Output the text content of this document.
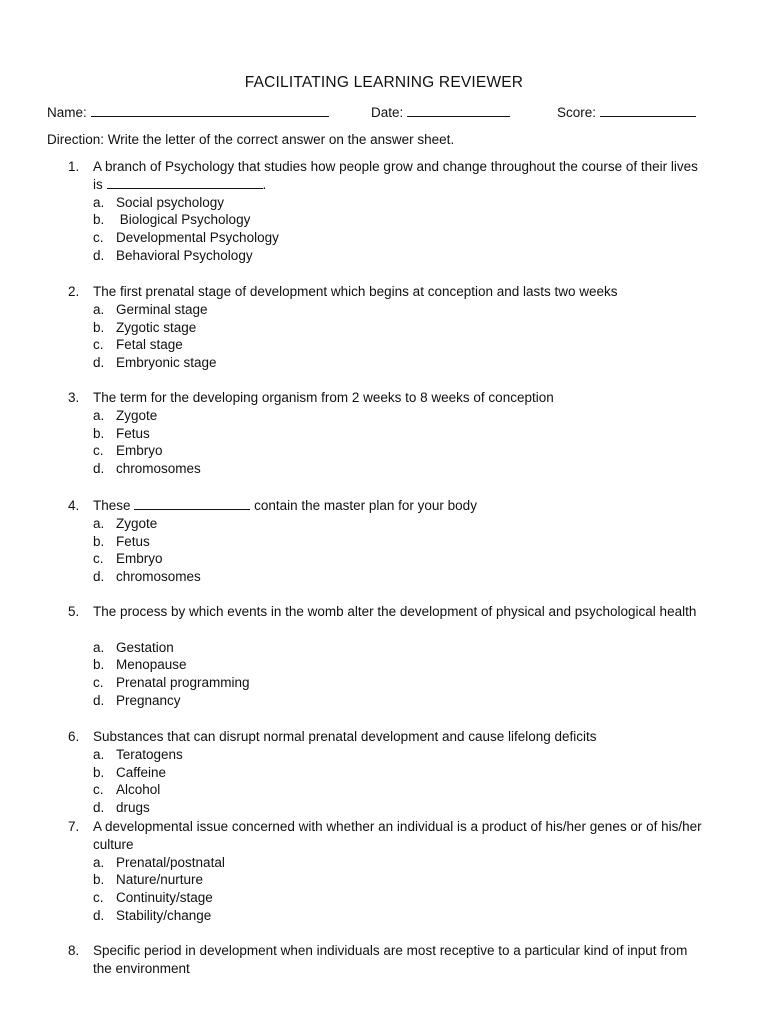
FACILITATING LEARNING REVIEWER
Name:	Date:	Score:
Direction: Write the letter of the correct answer on the answer sheet.
1. A branch of Psychology that studies how people grow and change throughout the course of their lives is	.
a. Social psychology
b. Biological Psychology
c. Developmental Psychology
d. Behavioral Psychology
2. The first prenatal stage of development which begins at conception and lasts two weeks
a. Germinal stage
b. Zygotic stage
c. Fetal stage
d. Embryonic stage
3. The term for the developing organism from 2 weeks to 8 weeks of conception
a. Zygote
b. Fetus
c. Embryo
d. chromosomes
4. These	contain the master plan for your body
a. Zygote
b. Fetus
c. Embryo
d. chromosomes
5. The process by which events in the womb alter the development of physical and psychological health
a. Gestation
b. Menopause
c. Prenatal programming
d. Pregnancy
6. Substances that can disrupt normal prenatal development and cause lifelong deficits
a. Teratogens
b. Caffeine
c. Alcohol
d. drugs
7. A developmental issue concerned with whether an individual is a product of his/her genes or of his/her culture
a. Prenatal/postnatal
b. Nature/nurture
c. Continuity/stage
d. Stability/change
8. Specific period in development when individuals are most receptive to a particular kind of input from the environment
